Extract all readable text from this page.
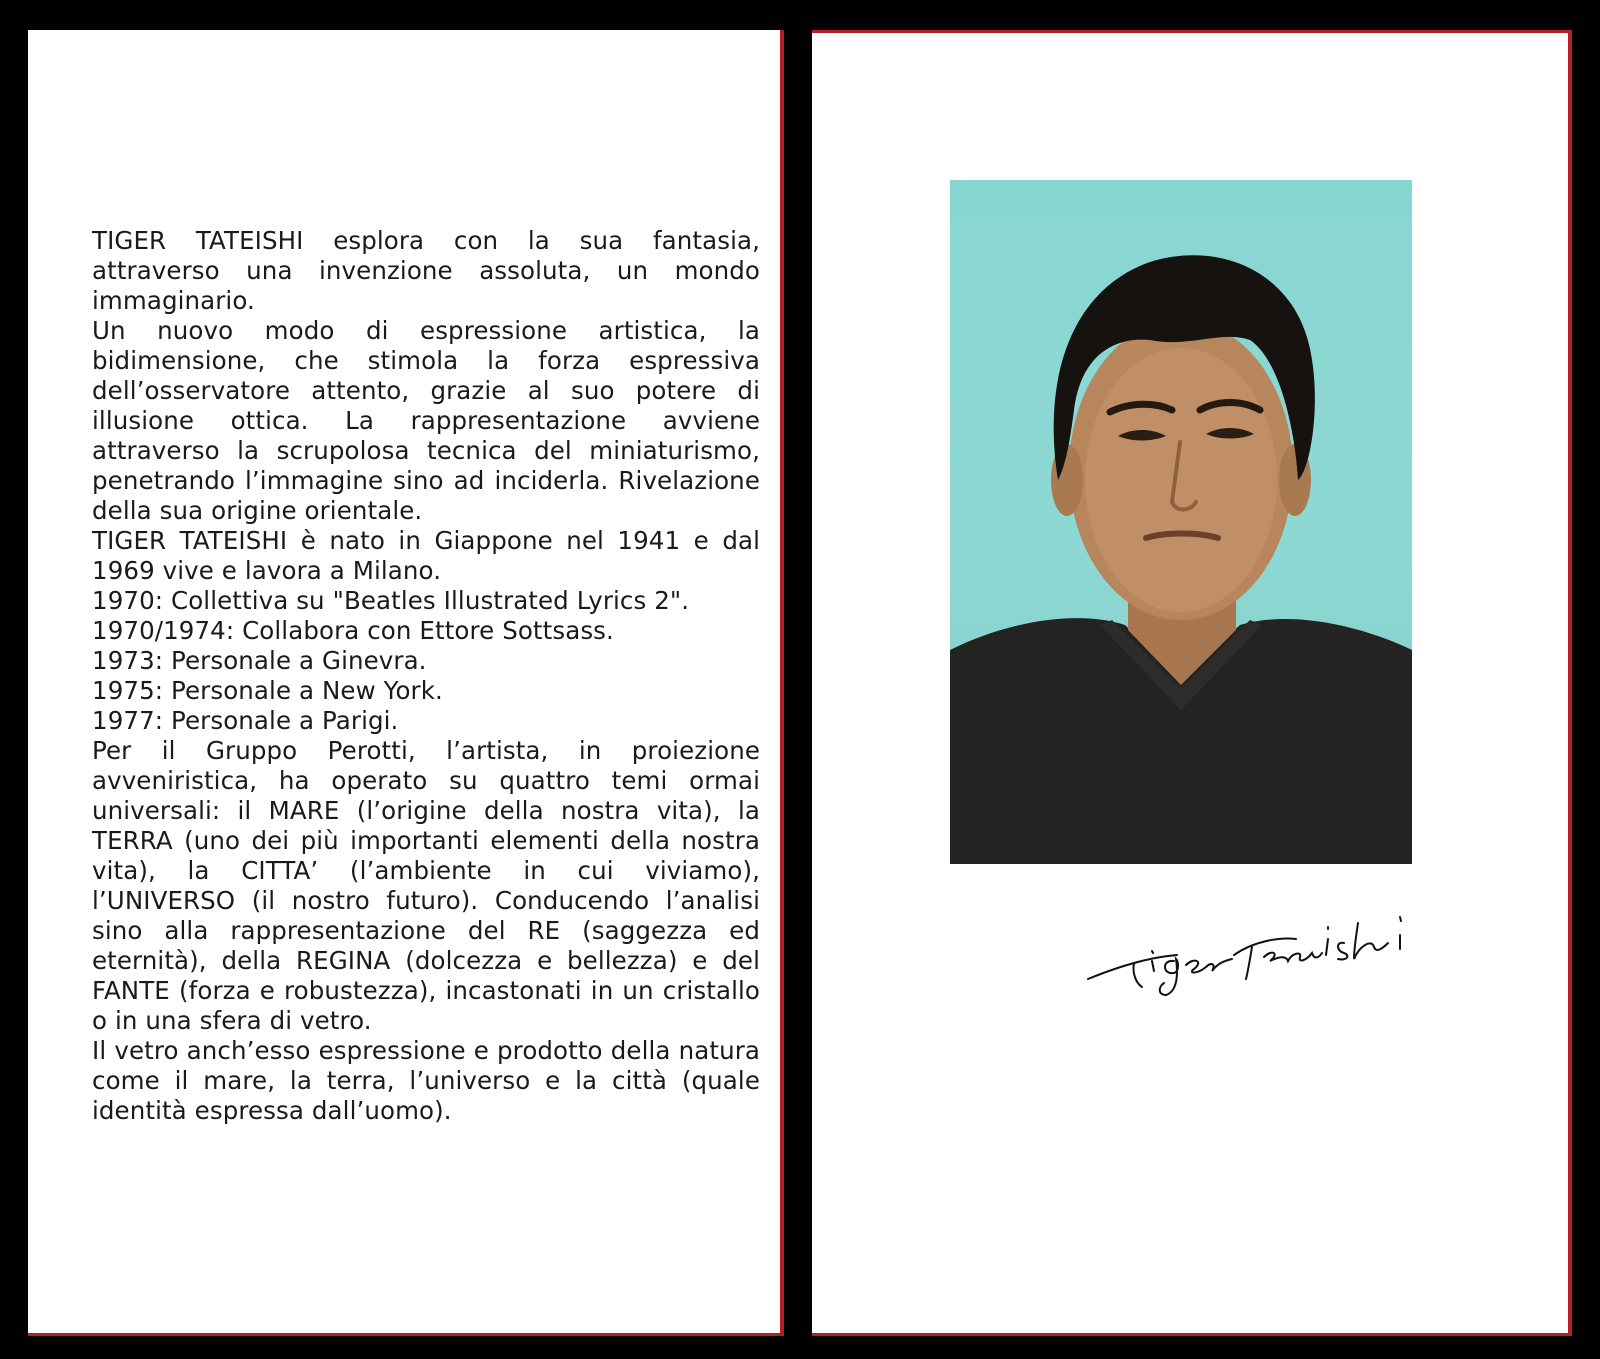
TIGER TATEISHI esplora con la sua fantasia, attraverso una invenzione assoluta, un mondo immaginario.

Un nuovo modo di espressione artistica, la bidimensione, che stimola la forza espressiva dell’osservatore attento, grazie al suo potere di illusione ottica. La rappresentazione avviene attraverso la scrupolosa tecnica del miniaturismo, penetrando l’immagine sino ad inciderla. Rivelazione della sua origine orientale.

TIGER TATEISHI è nato in Giappone nel 1941 e dal 1969 vive e lavora a Milano.

1970: Collettiva su "Beatles Illustrated Lyrics 2".

1970/1974: Collabora con Ettore Sottsass.

1973: Personale a Ginevra.

1975: Personale a New York.

1977: Personale a Parigi.

Per il Gruppo Perotti, l’artista, in proiezione avveniristica, ha operato su quattro temi ormai universali: il MARE (l’origine della nostra vita), la TERRA (uno dei più importanti elementi della nostra vita), la CITTA’ (l’ambiente in cui viviamo), l’UNIVERSO (il nostro futuro). Conducendo l’analisi sino alla rappresentazione del RE (saggezza ed eternità), della REGINA (dolcezza e bellezza) e del FANTE (forza e robustezza), incastonati in un cristallo o in una sfera di vetro.

Il vetro anch’esso espressione e prodotto della natura come il mare, la terra, l’universo e la città (quale identità espressa dall’uomo).
